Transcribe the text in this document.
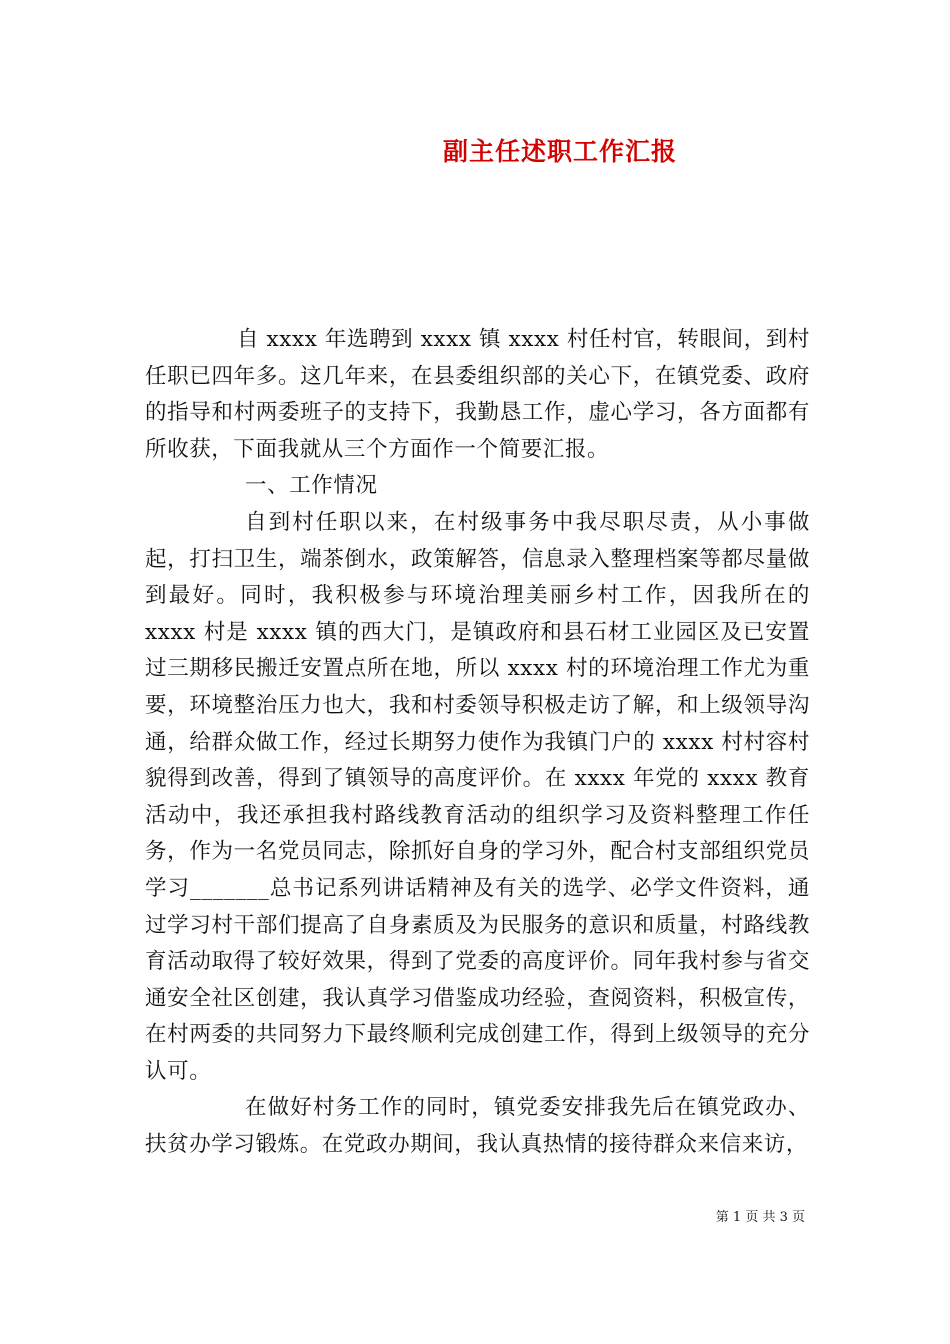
副主任述职工作汇报

自 xxxx 年选聘到 xxxx 镇 xxxx 村任村官，转眼间，到村任职已四年多。这几年来，在县委组织部的关心下，在镇党委、政府的指导和村两委班子的支持下，我勤恳工作，虚心学习，各方面都有所收获，下面我就从三个方面作一个简要汇报。

一、工作情况

自到村任职以来，在村级事务中我尽职尽责，从小事做起，打扫卫生，端茶倒水，政策解答，信息录入整理档案等都尽量做到最好。同时，我积极参与环境治理美丽乡村工作，因我所在的 xxxx 村是 xxxx 镇的西大门，是镇政府和县石材工业园区及已安置过三期移民搬迁安置点所在地，所以 xxxx 村的环境治理工作尤为重要，环境整治压力也大，我和村委领导积极走访了解，和上级领导沟通，给群众做工作，经过长期努力使作为我镇门户的 xxxx 村村容村貌得到改善，得到了镇领导的高度评价。在 xxxx 年党的 xxxx 教育活动中，我还承担我村路线教育活动的组织学习及资料整理工作任务，作为一名党员同志，除抓好自身的学习外，配合村支部组织党员学习_______总书记系列讲话精神及有关的选学、必学文件资料，通过学习村干部们提高了自身素质及为民服务的意识和质量，村路线教育活动取得了较好效果，得到了党委的高度评价。同年我村参与省交通安全社区创建，我认真学习借鉴成功经验，查阅资料，积极宣传，在村两委的共同努力下最终顺利完成创建工作，得到上级领导的充分认可。

在做好村务工作的同时，镇党委安排我先后在镇党政办、扶贫办学习锻炼。在党政办期间，我认真热情的接待群众来信来访，

第 1 页 共 3 页
